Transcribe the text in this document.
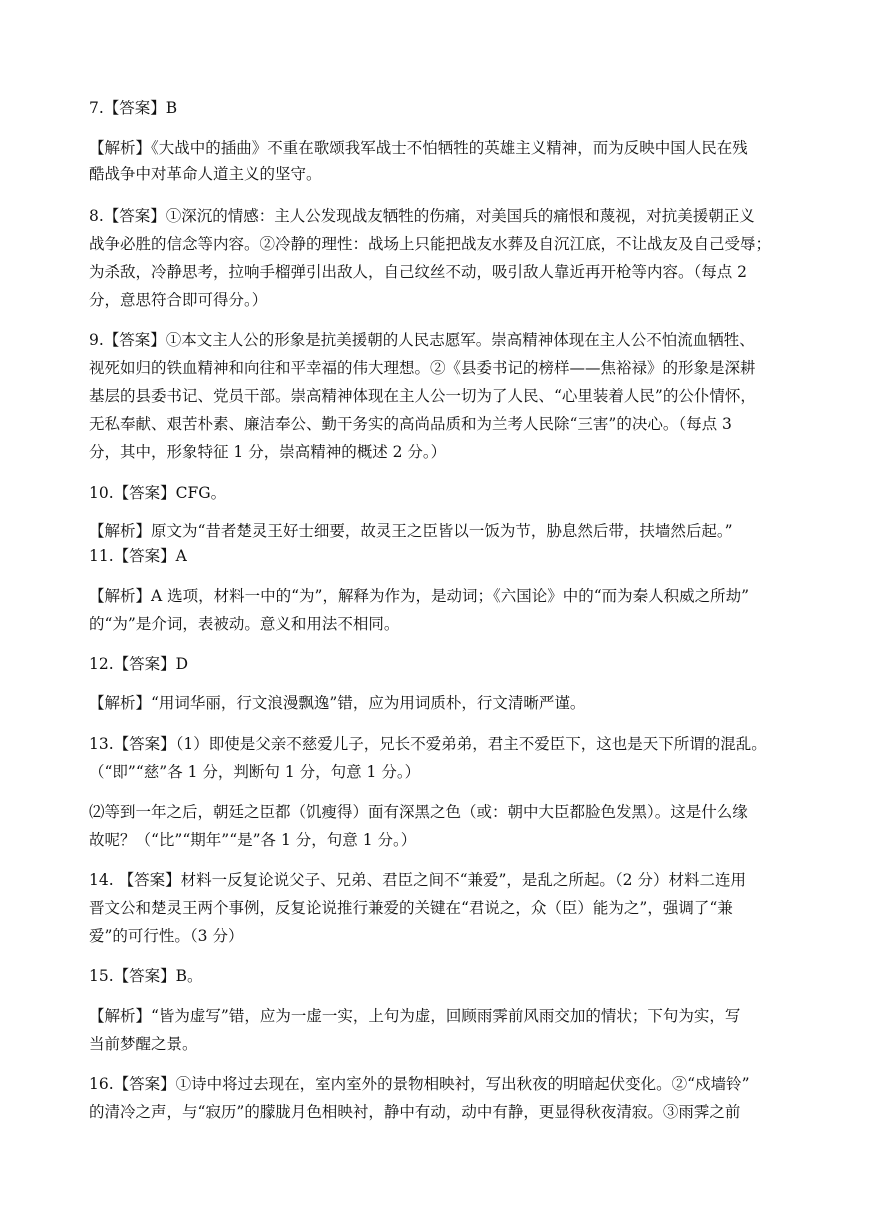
7.【答案】B
【解析】《大战中的插曲》不重在歌颂我军战士不怕牺牲的英雄主义精神，而为反映中国人民在残
酷战争中对革命人道主义的坚守。
8.【答案】①深沉的情感：主人公发现战友牺牲的伤痛，对美国兵的痛恨和蔑视，对抗美援朝正义
战争必胜的信念等内容。②冷静的理性：战场上只能把战友水葬及自沉江底，不让战友及自己受辱；
为杀敌，冷静思考，拉响手榴弹引出敌人，自己纹丝不动，吸引敌人靠近再开枪等内容。（每点 2
分，意思符合即可得分。）
9.【答案】①本文主人公的形象是抗美援朝的人民志愿军。崇高精神体现在主人公不怕流血牺牲、
视死如归的铁血精神和向往和平幸福的伟大理想。②《县委书记的榜样——焦裕禄》的形象是深耕
基层的县委书记、党员干部。崇高精神体现在主人公一切为了人民、“心里装着人民”的公仆情怀，
无私奉献、艰苦朴素、廉洁奉公、勤干务实的高尚品质和为兰考人民除“三害”的决心。（每点 3
分，其中，形象特征 1 分，崇高精神的概述 2 分。）
10.【答案】CFG。
【解析】原文为“昔者楚灵王好士细要，故灵王之臣皆以一饭为节，胁息然后带，扶墙然后起。”
11.【答案】A
【解析】A 选项，材料一中的“为”，解释为作为，是动词；《六国论》中的“而为秦人积威之所劫”
的“为”是介词，表被动。意义和用法不相同。
12.【答案】D
【解析】“用词华丽，行文浪漫飘逸”错，应为用词质朴，行文清晰严谨。
13.【答案】（1）即使是父亲不慈爱儿子，兄长不爱弟弟，君主不爱臣下，这也是天下所谓的混乱。
（“即”“慈”各 1 分，判断句 1 分，句意 1 分。）
⑵等到一年之后，朝廷之臣都（饥瘦得）面有深黑之色（或：朝中大臣都脸色发黑）。这是什么缘
故呢？（“比”“期年”“是”各 1 分，句意 1 分。）
14. 【答案】材料一反复论说父子、兄弟、君臣之间不“兼爱”，是乱之所起。（2 分）材料二连用
晋文公和楚灵王两个事例，反复论说推行兼爱的关键在“君说之，众（臣）能为之”，强调了“兼
爱”的可行性。（3 分）
15.【答案】B。
【解析】“皆为虚写”错，应为一虚一实，上句为虚，回顾雨霁前风雨交加的情状；下句为实，写
当前梦醒之景。
16.【答案】①诗中将过去现在，室内室外的景物相映衬，写出秋夜的明暗起伏变化。②“戍墙铃”
的清冷之声，与“寂历”的朦胧月色相映衬，静中有动，动中有静，更显得秋夜清寂。③雨霁之前
